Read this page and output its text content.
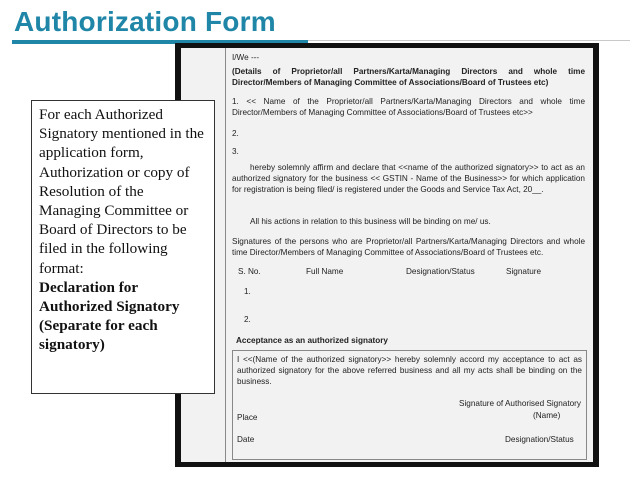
Authorization Form
I/We ---
(Details of Proprietor/all Partners/Karta/Managing Directors and whole time Director/Members of Managing Committee of Associations/Board of Trustees etc)
1. << Name of the Proprietor/all Partners/Karta/Managing Directors and whole time Director/Members of Managing Committee of Associations/Board of Trustees etc>>
2.
3.
hereby solemnly affirm and declare that <<name of the authorized signatory>> to act as an authorized signatory for the business << GSTIN - Name of the Business>> for which application for registration is being filed/ is registered under the Goods and Service Tax Act, 20__.
All his actions in relation to this business will be binding on me/ us.
Signatures of the persons who are Proprietor/all Partners/Karta/Managing Directors and whole time Director/Members of Managing Committee of Associations/Board of Trustees etc.
S. No.	Full Name	Designation/Status	Signature
1.
2.
Acceptance as an authorized signatory
I <<(Name of the authorized signatory>> hereby solemnly accord my acceptance to act as authorized signatory for the above referred business and all my acts shall be binding on the business.
Signature of Authorised Signatory
(Name)
Place
Date	Designation/Status
For each Authorized Signatory mentioned in the application form, Authorization or copy of Resolution of the Managing Committee or Board of Directors to be filed in the following format:
Declaration for Authorized Signatory (Separate for each signatory)
